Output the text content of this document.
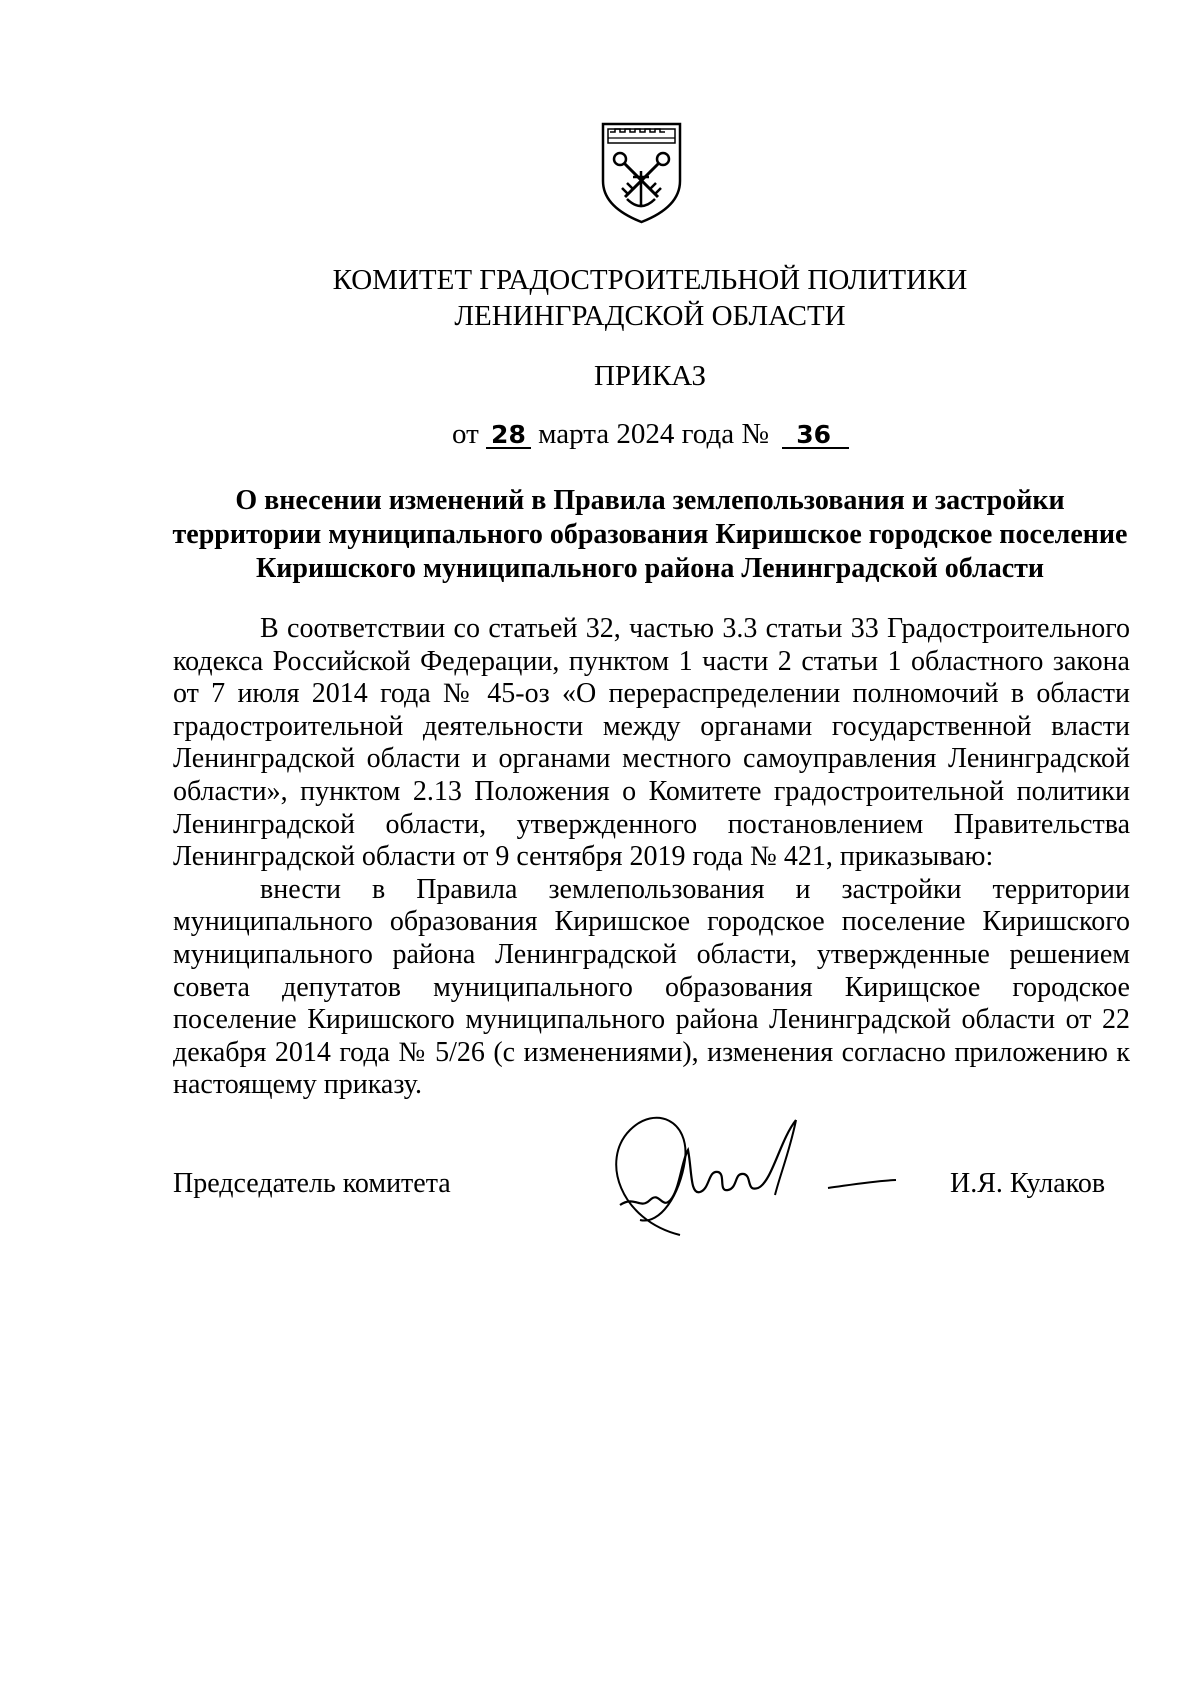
КОМИТЕТ ГРАДОСТРОИТЕЛЬНОЙ ПОЛИТИКИ
ЛЕНИНГРАДСКОЙ ОБЛАСТИ
ПРИКАЗ
от 28 марта 2024 года № 36
О внесении изменений в Правила землепользования и застройки
территории муниципального образования Киришское городское поселение
Киришского муниципального района Ленинградской области

В соответствии со статьей 32, частью 3.3 статьи 33 Градостроительного кодекса Российской Федерации, пунктом 1 части 2 статьи 1 областного закона от 7 июля 2014 года № 45-оз «О перераспределении полномочий в области градостроительной деятельности между органами государственной власти Ленинградской области и органами местного самоуправления Ленинградской области», пунктом 2.13 Положения о Комитете градостроительной политики Ленинградской области, утвержденного постановлением Правительства Ленинградской области от 9 сентября 2019 года № 421, приказываю:

внести в Правила землепользования и застройки территории муниципального образования Киришское городское поселение Киришского муниципального района Ленинградской области, утвержденные решением совета депутатов муниципального образования Кирищское городское поселение Киришского муниципального района Ленинградской области от 22 декабря 2014 года № 5/26 (с изменениями), изменения согласно приложению к настоящему приказу.

Председатель комитета	И.Я. Кулаков
